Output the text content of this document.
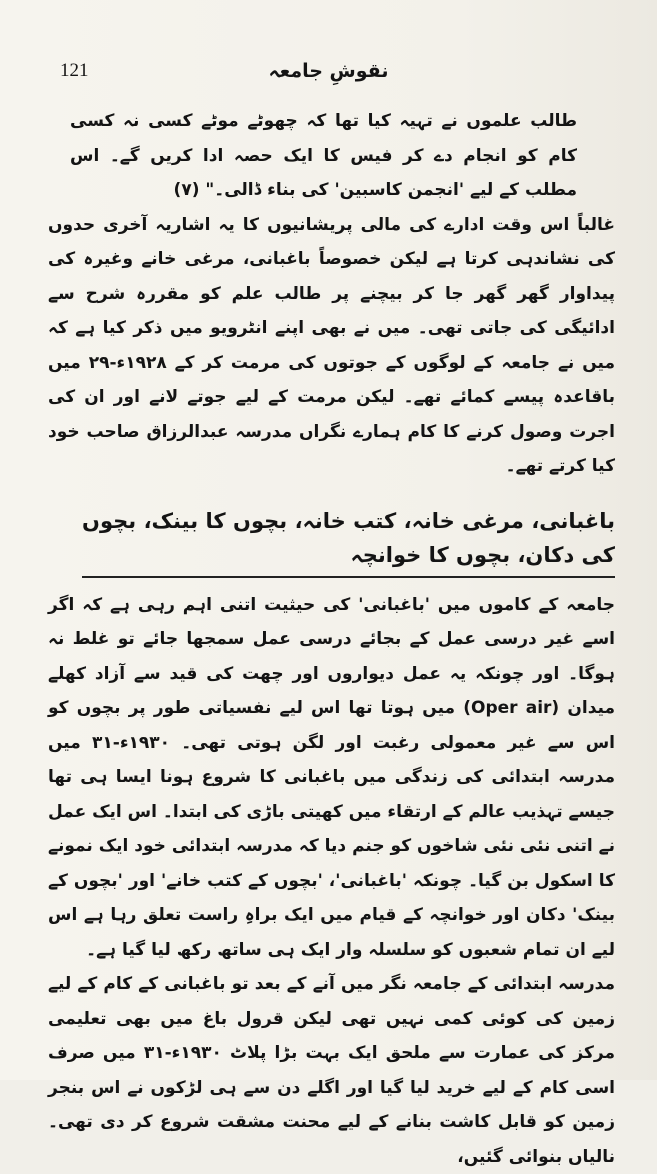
121	نقوشِ جامعہ

طالب علموں نے تہیہ کیا تھا کہ چھوٹے موٹے کسی نہ کسی کام کو انجام دے کر فیس کا ایک حصہ ادا کریں گے۔ اس مطلب کے لیے 'انجمن کاسبین' کی بناء ڈالی۔" (۷)

غالباً اس وقت ادارے کی مالی پریشانیوں کا یہ اشاریہ آخری حدوں کی نشاندہی کرتا ہے لیکن خصوصاً باغبانی، مرغی خانے وغیرہ کی پیداوار گھر گھر جا کر بیچنے پر طالب علم کو مقررہ شرح سے ادائیگی کی جاتی تھی۔ میں نے بھی اپنے انٹرویو میں ذکر کیا ہے کہ میں نے جامعہ کے لوگوں کے جوتوں کی مرمت کر کے ۱۹۲۸ء-۲۹ میں باقاعدہ پیسے کمائے تھے۔ لیکن مرمت کے لیے جوتے لانے اور ان کی اجرت وصول کرنے کا کام ہمارے نگراں مدرسہ عبدالرزاق صاحب خود کیا کرتے تھے۔

باغبانی، مرغی خانہ، کتب خانہ، بچوں کا بینک، بچوں کی دکان، بچوں کا خوانچہ

جامعہ کے کاموں میں 'باغبانی' کی حیثیت اتنی اہم رہی ہے کہ اگر اسے غیر درسی عمل کے بجائے درسی عمل سمجھا جائے تو غلط نہ ہوگا۔ اور چونکہ یہ عمل دیواروں اور چھت کی قید سے آزاد کھلے میدان (Oper air) میں ہوتا تھا اس لیے نفسیاتی طور پر بچوں کو اس سے غیر معمولی رغبت اور لگن ہوتی تھی۔ ۱۹۳۰ء-۳۱ میں مدرسہ ابتدائی کی زندگی میں باغبانی کا شروع ہونا ایسا ہی تھا جیسے تہذیب عالم کے ارتقاء میں کھیتی باڑی کی ابتدا۔ اس ایک عمل نے اتنی نئی نئی شاخوں کو جنم دیا کہ مدرسہ ابتدائی خود ایک نمونے کا اسکول بن گیا۔ چونکہ 'باغبانی'، 'بچوں کے کتب خانے' اور 'بچوں کے بینک' دکان اور خوانچہ کے قیام میں ایک براہِ راست تعلق رہا ہے اس لیے ان تمام شعبوں کو سلسلہ وار ایک ہی ساتھ رکھ لیا گیا ہے۔

مدرسہ ابتدائی کے جامعہ نگر میں آنے کے بعد تو باغبانی کے کام کے لیے زمین کی کوئی کمی نہیں تھی لیکن قرول باغ میں بھی تعلیمی مرکز کی عمارت سے ملحق ایک بہت بڑا پلاٹ ۱۹۳۰ء-۳۱ میں صرف اسی کام کے لیے خرید لیا گیا اور اگلے دن سے ہی لڑکوں نے اس بنجر زمین کو قابل کاشت بنانے کے لیے محنت مشقت شروع کر دی تھی۔ نالیاں بنوائی گئیں،
